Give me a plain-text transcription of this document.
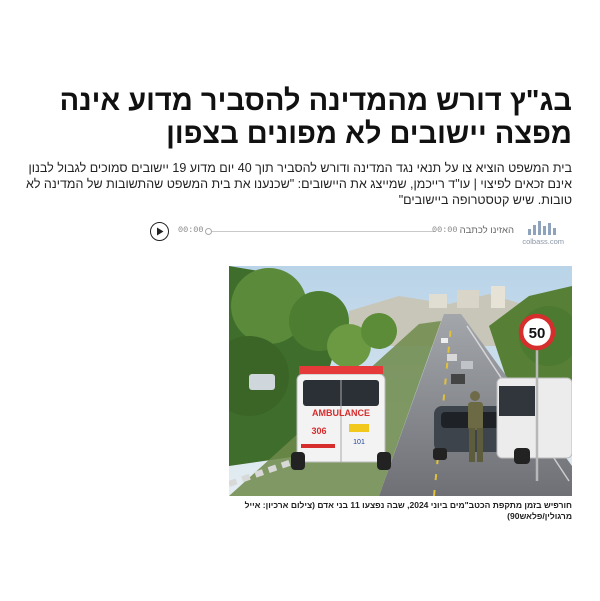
בג"ץ דורש מהמדינה להסביר מדוע אינה מפצה יישובים לא מפונים בצפון

בית המשפט הוציא צו על תנאי נגד המדינה ודורש להסביר תוך 40 יום מדוע 19 יישובים סמוכים לגבול לבנון אינם זכאים לפיצוי | עו"ד רייכמן, שמייצג את היישובים: "שכנענו את בית המשפט שהתשובות של המדינה לא טובות. שיש קטסטרופה ביישובים"

00:00	00:00 האזינו לכתבה
colbass.com
AMBULANCE
306
101
50

חורפיש בזמן מתקפת הכטב"מים ביוני 2024, שבה נפצעו 11 בני אדם (צילום ארכיון: אייל מרגולין/פלאש90)
